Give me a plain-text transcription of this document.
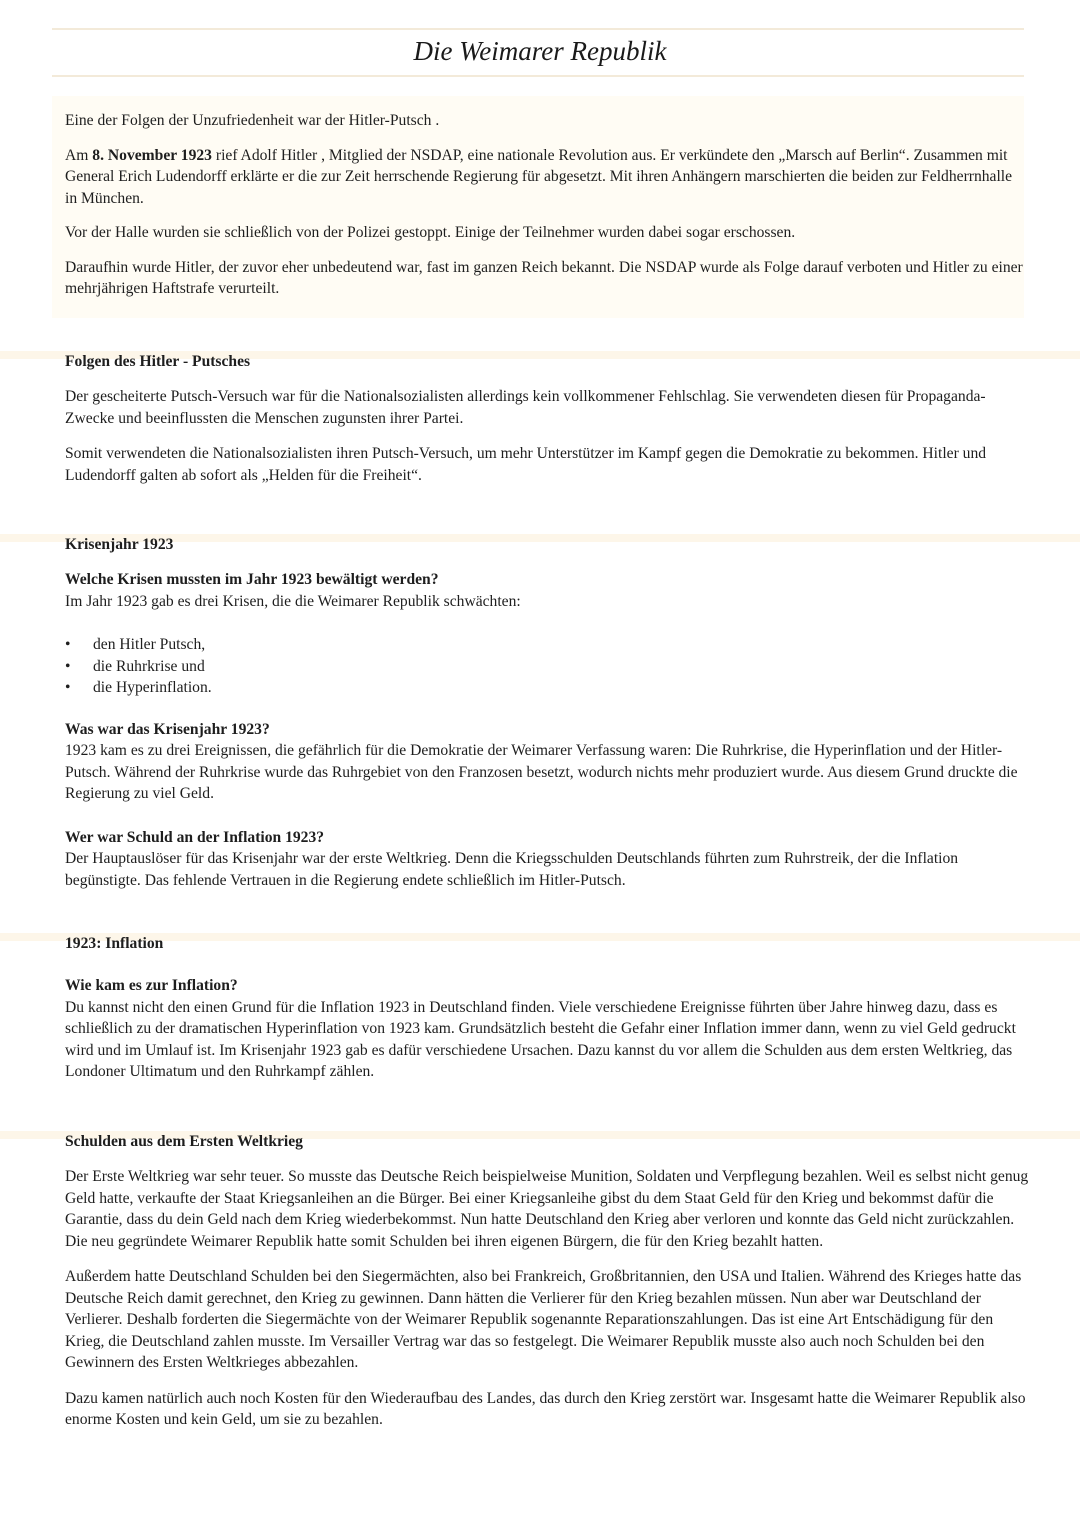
Die Weimarer Republik

Eine der Folgen der Unzufriedenheit war der Hitler-Putsch .

Am 8. November 1923 rief Adolf Hitler , Mitglied der NSDAP, eine nationale Revolution aus. Er verkündete den „Marsch auf Berlin“. Zusammen mit General Erich Ludendorff erklärte er die zur Zeit herrschende Regierung für abgesetzt. Mit ihren Anhängern marschierten die beiden zur Feldherrnhalle in München.

Vor der Halle wurden sie schließlich von der Polizei gestoppt. Einige der Teilnehmer wurden dabei sogar erschossen.

Daraufhin wurde Hitler, der zuvor eher unbedeutend war, fast im ganzen Reich bekannt. Die NSDAP wurde als Folge darauf verboten und Hitler zu einer mehrjährigen Haftstrafe verurteilt.

Folgen des Hitler - Putsches

Der gescheiterte Putsch-Versuch war für die Nationalsozialisten allerdings kein vollkommener Fehlschlag. Sie verwendeten diesen für Propaganda-Zwecke und beeinflussten die Menschen zugunsten ihrer Partei.

Somit verwendeten die Nationalsozialisten ihren Putsch-Versuch, um mehr Unterstützer im Kampf gegen die Demokratie zu bekommen. Hitler und Ludendorff galten ab sofort als „Helden für die Freiheit“.

Krisenjahr 1923
Welche Krisen mussten im Jahr 1923 bewältigt werden?

Im Jahr 1923 gab es drei Krisen, die die Weimarer Republik schwächten:

• den Hitler Putsch,
• die Ruhrkrise und
• die Hyperinflation.
Was war das Krisenjahr 1923?

1923 kam es zu drei Ereignissen, die gefährlich für die Demokratie der Weimarer Verfassung waren: Die Ruhrkrise, die Hyperinflation und der Hitler-Putsch. Während der Ruhrkrise wurde das Ruhrgebiet von den Franzosen besetzt, wodurch nichts mehr produziert wurde. Aus diesem Grund druckte die Regierung zu viel Geld.

Wer war Schuld an der Inflation 1923?

Der Hauptauslöser für das Krisenjahr war der erste Weltkrieg. Denn die Kriegsschulden Deutschlands führten zum Ruhrstreik, der die Inflation begünstigte. Das fehlende Vertrauen in die Regierung endete schließlich im Hitler-Putsch.

1923: Inflation
Wie kam es zur Inflation?

Du kannst nicht den einen Grund für die Inflation 1923 in Deutschland finden. Viele verschiedene Ereignisse führten über Jahre hinweg dazu, dass es schließlich zu der dramatischen Hyperinflation von 1923 kam. Grundsätzlich besteht die Gefahr einer Inflation immer dann, wenn zu viel Geld gedruckt wird und im Umlauf ist. Im Krisenjahr 1923 gab es dafür verschiedene Ursachen. Dazu kannst du vor allem die Schulden aus dem ersten Weltkrieg, das Londoner Ultimatum und den Ruhrkampf zählen.

Schulden aus dem Ersten Weltkrieg

Der Erste Weltkrieg war sehr teuer. So musste das Deutsche Reich beispielweise Munition, Soldaten und Verpflegung bezahlen. Weil es selbst nicht genug Geld hatte, verkaufte der Staat Kriegsanleihen an die Bürger. Bei einer Kriegsanleihe gibst du dem Staat Geld für den Krieg und bekommst dafür die Garantie, dass du dein Geld nach dem Krieg wiederbekommst. Nun hatte Deutschland den Krieg aber verloren und konnte das Geld nicht zurückzahlen. Die neu gegründete Weimarer Republik hatte somit Schulden bei ihren eigenen Bürgern, die für den Krieg bezahlt hatten.

Außerdem hatte Deutschland Schulden bei den Siegermächten, also bei Frankreich, Großbritannien, den USA und Italien. Während des Krieges hatte das Deutsche Reich damit gerechnet, den Krieg zu gewinnen. Dann hätten die Verlierer für den Krieg bezahlen müssen. Nun aber war Deutschland der Verlierer. Deshalb forderten die Siegermächte von der Weimarer Republik sogenannte Reparationszahlungen. Das ist eine Art Entschädigung für den Krieg, die Deutschland zahlen musste. Im Versailler Vertrag war das so festgelegt. Die Weimarer Republik musste also auch noch Schulden bei den Gewinnern des Ersten Weltkrieges abbezahlen.

Dazu kamen natürlich auch noch Kosten für den Wiederaufbau des Landes, das durch den Krieg zerstört war. Insgesamt hatte die Weimarer Republik also enorme Kosten und kein Geld, um sie zu bezahlen.
